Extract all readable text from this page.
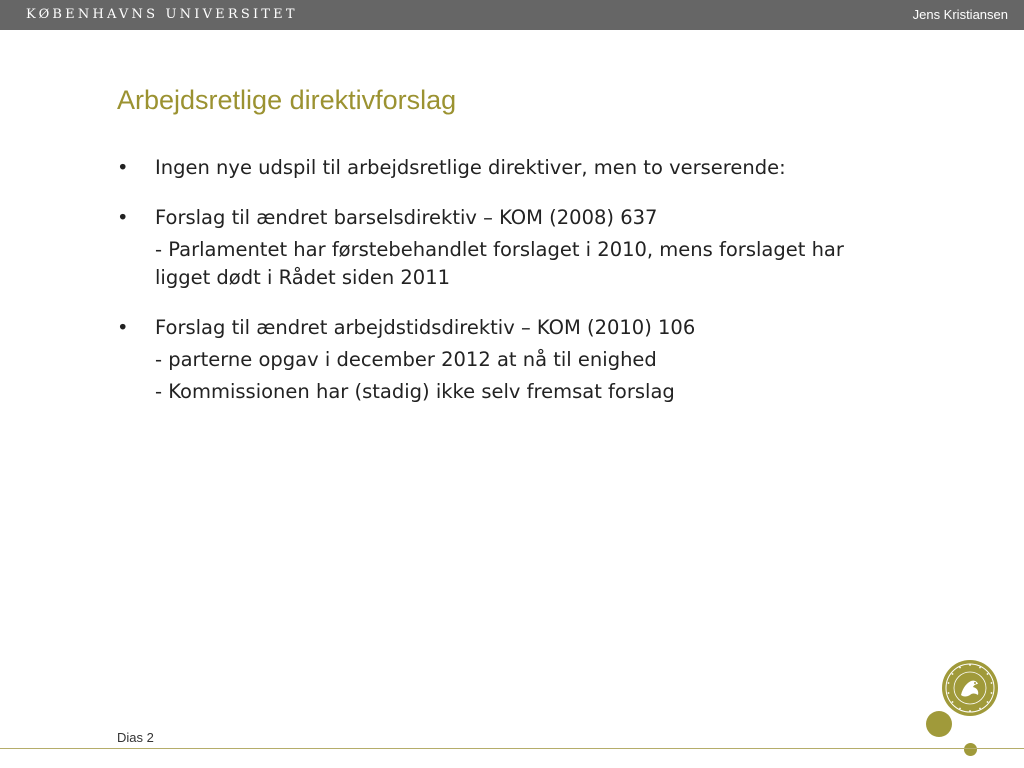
KØBENHAVNS UNIVERSITET	Jens Kristiansen
Arbejdsretlige direktivforslag
• Ingen nye udspil til arbejdsretlige direktiver, men to verserende:
• Forslag til ændret barselsdirektiv – KOM (2008) 637
- Parlamentet har førstebehandlet forslaget i 2010, mens forslaget har ligget dødt i Rådet siden 2011
• Forslag til ændret arbejdstidsdirektiv – KOM (2010) 106
- parterne opgav i december 2012 at nå til enighed
- Kommissionen har (stadig) ikke selv fremsat forslag
Dias 2
